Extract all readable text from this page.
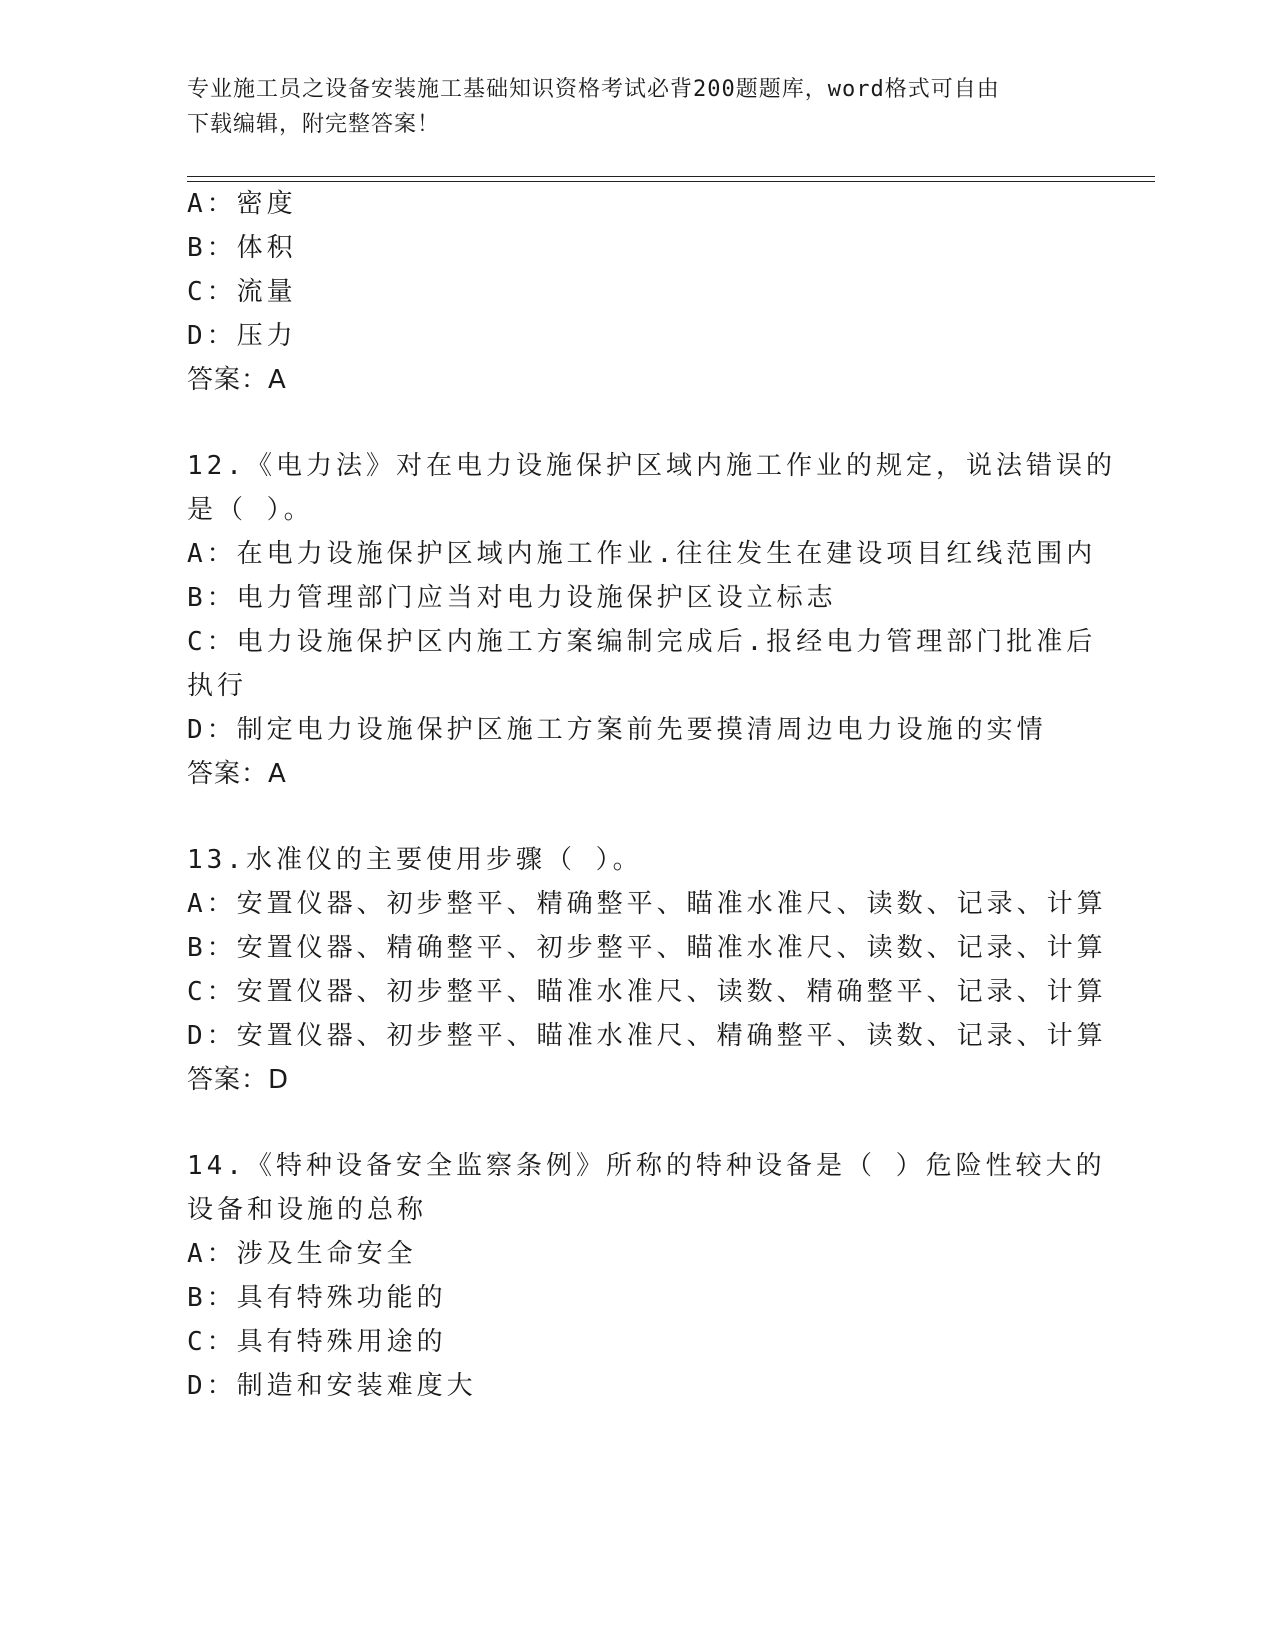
专业施工员之设备安装施工基础知识资格考试必背200题题库，word格式可自由
下载编辑，附完整答案！
A：密度
B：体积
C：流量
D：压力
答案：A
12.《电力法》对在电力设施保护区域内施工作业的规定，说法错误的
是（ ）。
A：在电力设施保护区域内施工作业.往往发生在建设项目红线范围内
B：电力管理部门应当对电力设施保护区设立标志
C：电力设施保护区内施工方案编制完成后.报经电力管理部门批准后
执行
D：制定电力设施保护区施工方案前先要摸清周边电力设施的实情
答案：A
13.水准仪的主要使用步骤（ ）。
A：安置仪器、初步整平、精确整平、瞄准水准尺、读数、记录、计算
B：安置仪器、精确整平、初步整平、瞄准水准尺、读数、记录、计算
C：安置仪器、初步整平、瞄准水准尺、读数、精确整平、记录、计算
D：安置仪器、初步整平、瞄准水准尺、精确整平、读数、记录、计算
答案：D
14.《特种设备安全监察条例》所称的特种设备是（ ）危险性较大的
设备和设施的总称
A：涉及生命安全
B：具有特殊功能的
C：具有特殊用途的
D：制造和安装难度大
